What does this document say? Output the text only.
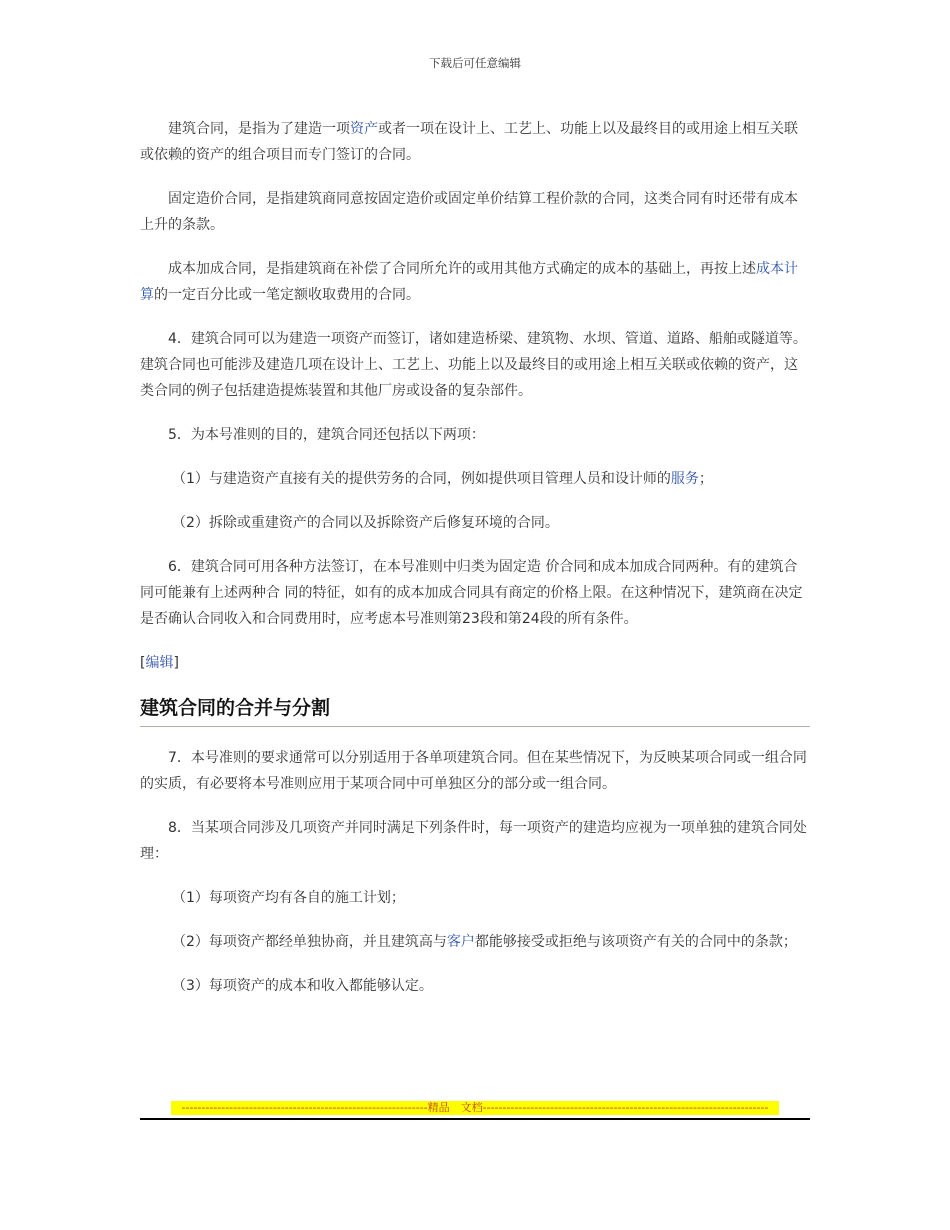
下载后可任意编辑

建筑合同，是指为了建造一项资产或者一项在设计上、工艺上、功能上以及最终目的或用途上相互关联或依赖的资产的组合项目而专门签订的合同。

固定造价合同，是指建筑商同意按固定造价或固定单价结算工程价款的合同，这类合同有时还带有成本上升的条款。

成本加成合同，是指建筑商在补偿了合同所允许的或用其他方式确定的成本的基础上，再按上述成本计算的一定百分比或一笔定额收取费用的合同。

4．建筑合同可以为建造一项资产而签订，诸如建造桥梁、建筑物、水坝、管道、道路、船舶或隧道等。建筑合同也可能涉及建造几项在设计上、工艺上、功能上以及最终目的或用途上相互关联或依赖的资产，这类合同的例子包括建造提炼装置和其他厂房或设备的复杂部件。

5．为本号准则的目的，建筑合同还包括以下两项：

（1）与建造资产直接有关的提供劳务的合同，例如提供项目管理人员和设计师的服务；

（2）拆除或重建资产的合同以及拆除资产后修复环境的合同。

6．建筑合同可用各种方法签订，在本号准则中归类为固定造 价合同和成本加成合同两种。有的建筑合同可能兼有上述两种合 同的特征，如有的成本加成合同具有商定的价格上限。在这种情况下，建筑商在决定是否确认合同收入和合同费用时，应考虑本号准则第23段和第24段的所有条件。

[编辑]

建筑合同的合并与分割

7．本号准则的要求通常可以分别适用于各单项建筑合同。但在某些情况下，为反映某项合同或一组合同的实质，有必要将本号准则应用于某项合同中可单独区分的部分或一组合同。

8．当某项合同涉及几项资产并同时满足下列条件时，每一项资产的建造均应视为一项单独的建筑合同处理：

（1）每项资产均有各自的施工计划；

（2）每项资产都经单独协商，并且建筑高与客户都能够接受或拒绝与该项资产有关的合同中的条款；

（3）每项资产的成本和收入都能够认定。

--------------------------------------------------------------精品　文档------------------------------------------------------------------------
